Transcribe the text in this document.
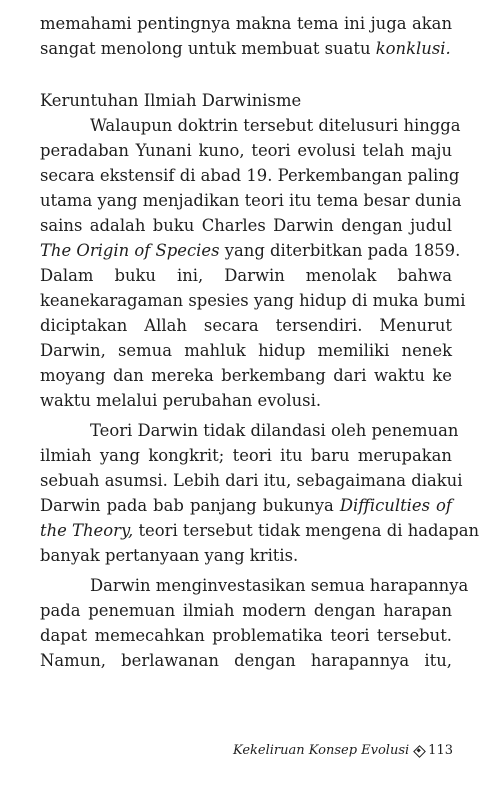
memahami pentingnya makna tema ini juga akan
sangat menolong untuk membuat suatu konklusi.
Keruntuhan Ilmiah Darwinisme
Walaupun doktrin tersebut ditelusuri hingga
peradaban Yunani kuno, teori evolusi telah maju
secara ekstensif di abad 19. Perkembangan paling
utama yang menjadikan teori itu tema besar dunia
sains adalah buku Charles Darwin dengan judul
The Origin of Species yang diterbitkan pada 1859.
Dalam buku ini, Darwin menolak bahwa
keanekaragaman spesies yang hidup di muka bumi
diciptakan Allah secara tersendiri. Menurut
Darwin, semua mahluk hidup memiliki nenek
moyang dan mereka berkembang dari waktu ke
waktu melalui perubahan evolusi.
Teori Darwin tidak dilandasi oleh penemuan
ilmiah yang kongkrit; teori itu baru merupakan
sebuah asumsi. Lebih dari itu, sebagaimana diakui
Darwin pada bab panjang bukunya Difficulties of
the Theory, teori tersebut tidak mengena di hadapan
banyak pertanyaan yang kritis.
Darwin menginvestasikan semua harapannya
pada penemuan ilmiah modern dengan harapan
dapat memecahkan problematika teori tersebut.
Namun, berlawanan dengan harapannya itu,
Kekeliruan Konsep Evolusi 113
